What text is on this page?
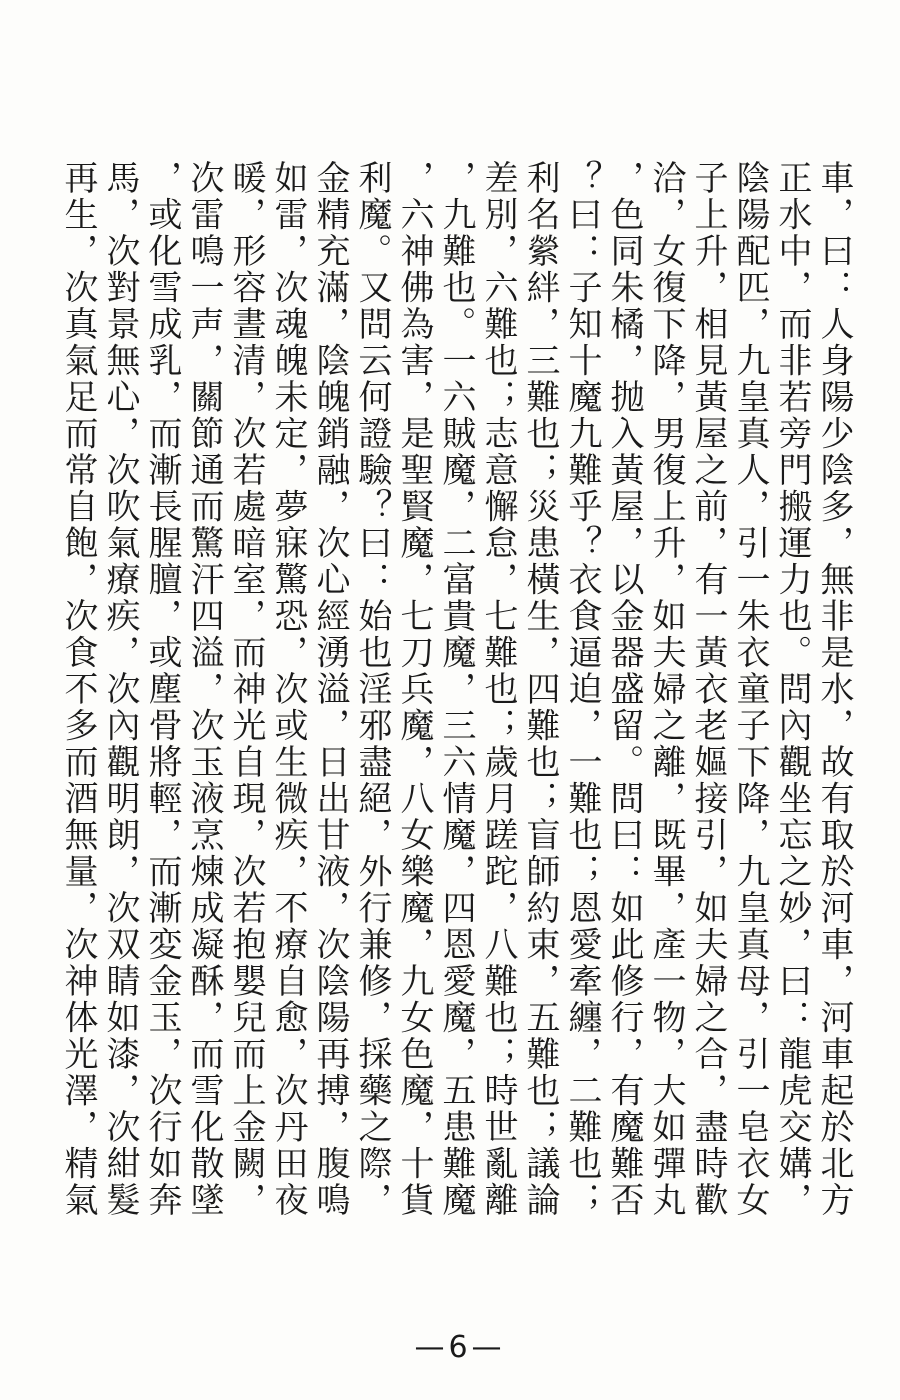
車，曰：人身陽少陰多，無非是水，故有取於河車，河車起於北方
正水中，而非若旁門搬運力也。問內觀坐忘之妙，曰：龍虎交媾，
陰陽配匹，九皇真人，引一朱衣童子下降，九皇真母，引一皂衣女
子上升，相見黃屋之前，有一黃衣老嫗接引，如夫婦之合，盡時歡
洽，女復下降，男復上升，如夫婦之離，既畢，產一物，大如彈丸
，色同朱橘，抛入黃屋，以金器盛留。問曰：如此修行，有魔難否
？曰：子知十魔九難乎？衣食逼迫，一難也；恩愛牽纏，二難也；
利名縈絆，三難也；災患橫生，四難也；盲師約束，五難也；議論
差別，六難也；志意懈怠，七難也；歲月蹉跎，八難也；時世亂離
，九難也。一六賊魔，二富貴魔，三六情魔，四恩愛魔，五患難魔
，六神佛為害，是聖賢魔，七刀兵魔，八女樂魔，九女色魔，十貨
利魔。又問云何證驗？曰：始也淫邪盡絕，外行兼修，採藥之際，
金精充滿，陰魄銷融，次心經湧溢，日出甘液，次陰陽再搏，腹鳴
如雷，次魂魄未定，夢寐驚恐，次或生微疾，不療自愈，次丹田夜
暖，形容晝清，次若處暗室，而神光自現，次若抱嬰兒而上金闕，
次雷鳴一声，關節通而驚汗四溢，次玉液烹煉成凝酥，而雪化散墜
，或化雪成乳，而漸長腥膻，或塵骨將輕，而漸変金玉，次行如奔
馬，次對景無心，次吹氣療疾，次內觀明朗，次双睛如漆，次紺髮
再生，次真氣足而常自飽，次食不多而酒無量，次神体光澤，精氣
—6—
